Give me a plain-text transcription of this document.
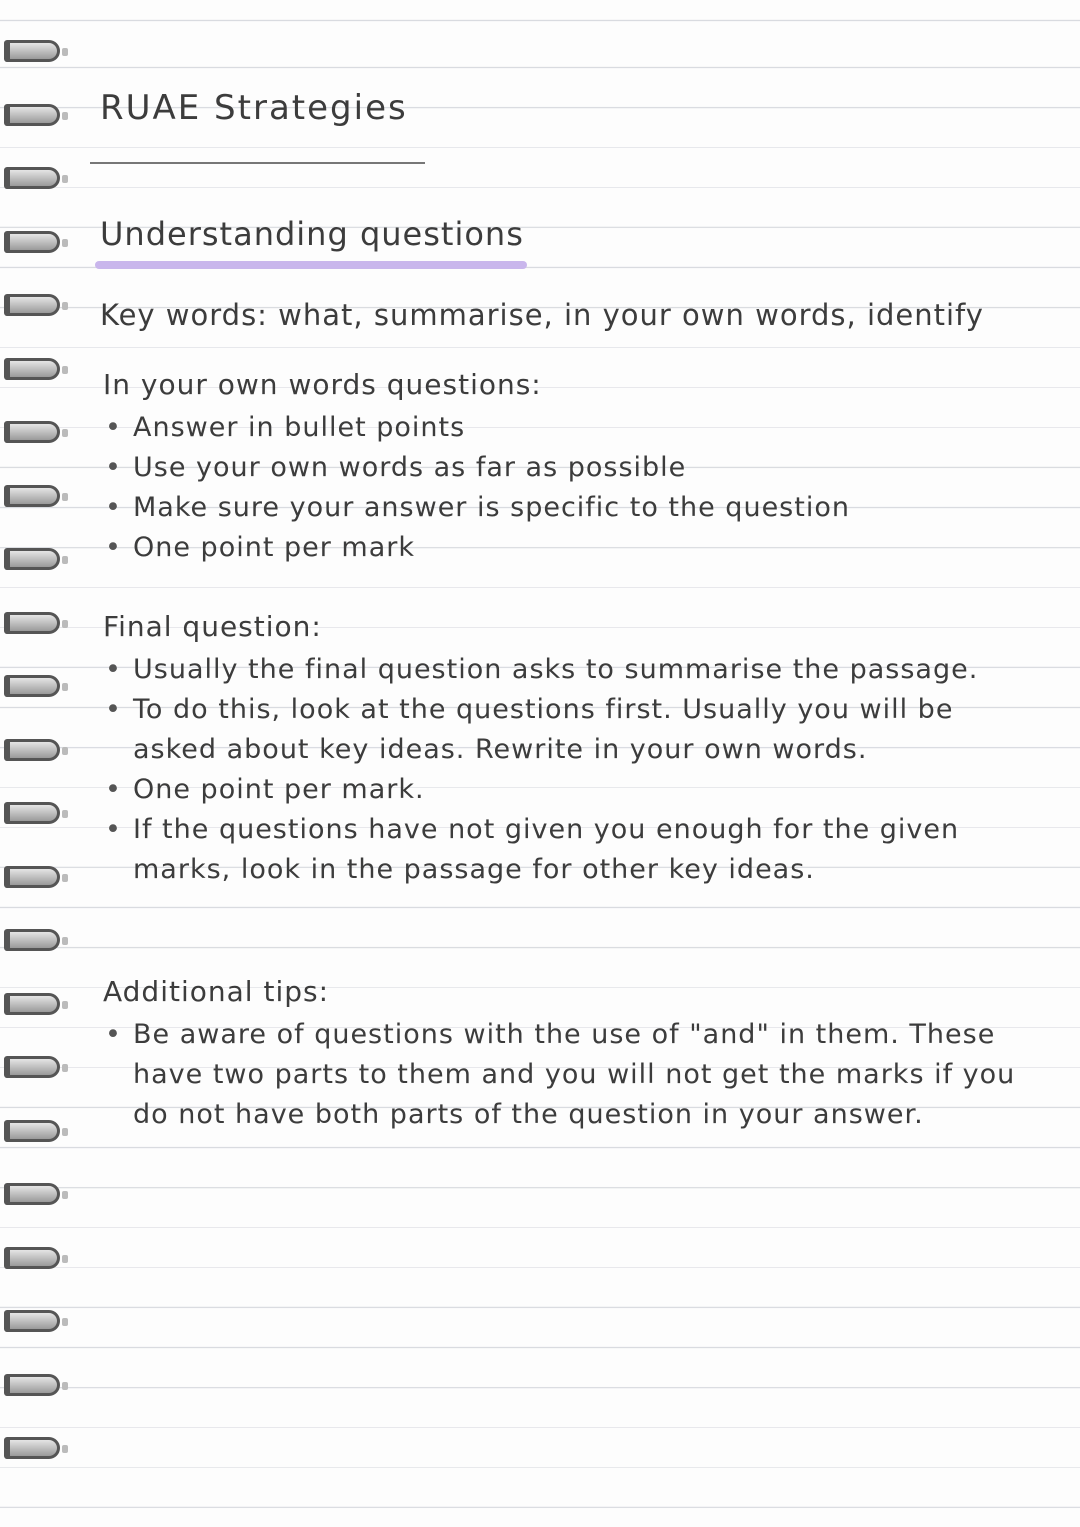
RUAE Strategies
Understanding questions
Key words: what, summarise, in your own words, identify
In your own words questions:
• Answer in bullet points
• Use your own words as far as possible
• Make sure your answer is specific to the question
• One point per mark
Final question:
• Usually the final question asks to summarise the passage.
• To do this, look at the questions first. Usually you will be asked about key ideas. Rewrite in your own words.
• One point per mark.
• If the questions have not given you enough for the given marks, look in the passage for other key ideas.
Additional tips:
• Be aware of questions with the use of "and" in them. These have two parts to them and you will not get the marks if you do not have both parts of the question in your answer.
